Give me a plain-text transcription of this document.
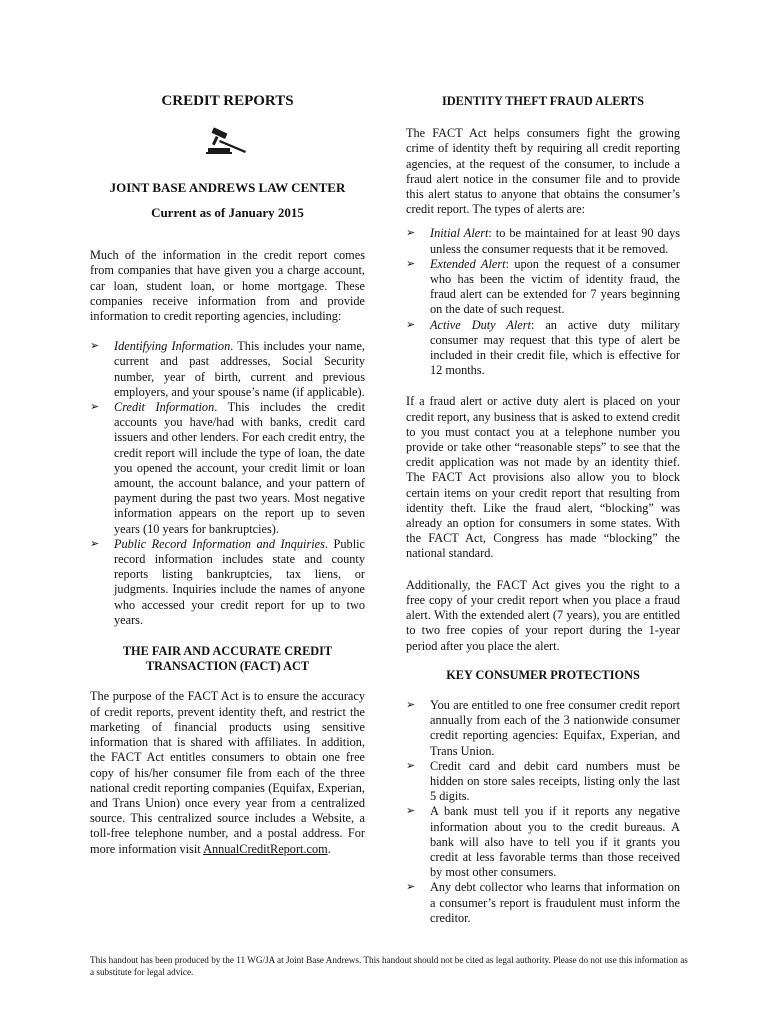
CREDIT REPORTS

JOINT BASE ANDREWS LAW CENTER

Current as of January 2015

Much of the information in the credit report comes from companies that have given you a charge account, car loan, student loan, or home mortgage. These companies receive information from and provide information to credit reporting agencies, including:

➢ Identifying Information. This includes your name, current and past addresses, Social Security number, year of birth, current and previous employers, and your spouse’s name (if applicable).

➢ Credit Information. This includes the credit accounts you have/had with banks, credit card issuers and other lenders. For each credit entry, the credit report will include the type of loan, the date you opened the account, your credit limit or loan amount, the account balance, and your pattern of payment during the past two years. Most negative information appears on the report up to seven years (10 years for bankruptcies).

➢ Public Record Information and Inquiries. Public record information includes state and county reports listing bankruptcies, tax liens, or judgments. Inquiries include the names of anyone who accessed your credit report for up to two years.

THE FAIR AND ACCURATE CREDIT

TRANSACTION (FACT) ACT

The purpose of the FACT Act is to ensure the accuracy of credit reports, prevent identity theft, and restrict the marketing of financial products using sensitive information that is shared with affiliates. In addition, the FACT Act entitles consumers to obtain one free copy of his/her consumer file from each of the three national credit reporting companies (Equifax, Experian, and Trans Union) once every year from a centralized source. This centralized source includes a Website, a toll-free telephone number, and a postal address. For more information visit AnnualCreditReport.com.

IDENTITY THEFT FRAUD ALERTS

The FACT Act helps consumers fight the growing crime of identity theft by requiring all credit reporting agencies, at the request of the consumer, to include a fraud alert notice in the consumer file and to provide this alert status to anyone that obtains the consumer’s credit report. The types of alerts are:

➢ Initial Alert: to be maintained for at least 90 days unless the consumer requests that it be removed.

➢ Extended Alert: upon the request of a consumer who has been the victim of identity fraud, the fraud alert can be extended for 7 years beginning on the date of such request.

➢ Active Duty Alert: an active duty military consumer may request that this type of alert be included in their credit file, which is effective for 12 months.

If a fraud alert or active duty alert is placed on your credit report, any business that is asked to extend credit to you must contact you at a telephone number you provide or take other “reasonable steps” to see that the credit application was not made by an identity thief. The FACT Act provisions also allow you to block certain items on your credit report that resulting from identity theft. Like the fraud alert, “blocking” was already an option for consumers in some states. With the FACT Act, Congress has made “blocking” the national standard.

Additionally, the FACT Act gives you the right to a free copy of your credit report when you place a fraud alert. With the extended alert (7 years), you are entitled to two free copies of your report during the 1-year period after you place the alert.

KEY CONSUMER PROTECTIONS

➢ You are entitled to one free consumer credit report annually from each of the 3 nationwide consumer credit reporting agencies: Equifax, Experian, and Trans Union.

➢ Credit card and debit card numbers must be hidden on store sales receipts, listing only the last 5 digits.

➢ A bank must tell you if it reports any negative information about you to the credit bureaus. A bank will also have to tell you if it grants you credit at less favorable terms than those received by most other consumers.

➢ Any debt collector who learns that information on a consumer’s report is fraudulent must inform the creditor.

This handout has been produced by the 11 WG/JA at Joint Base Andrews. This handout should not be cited as legal authority. Please do not use this information as a substitute for legal advice.
